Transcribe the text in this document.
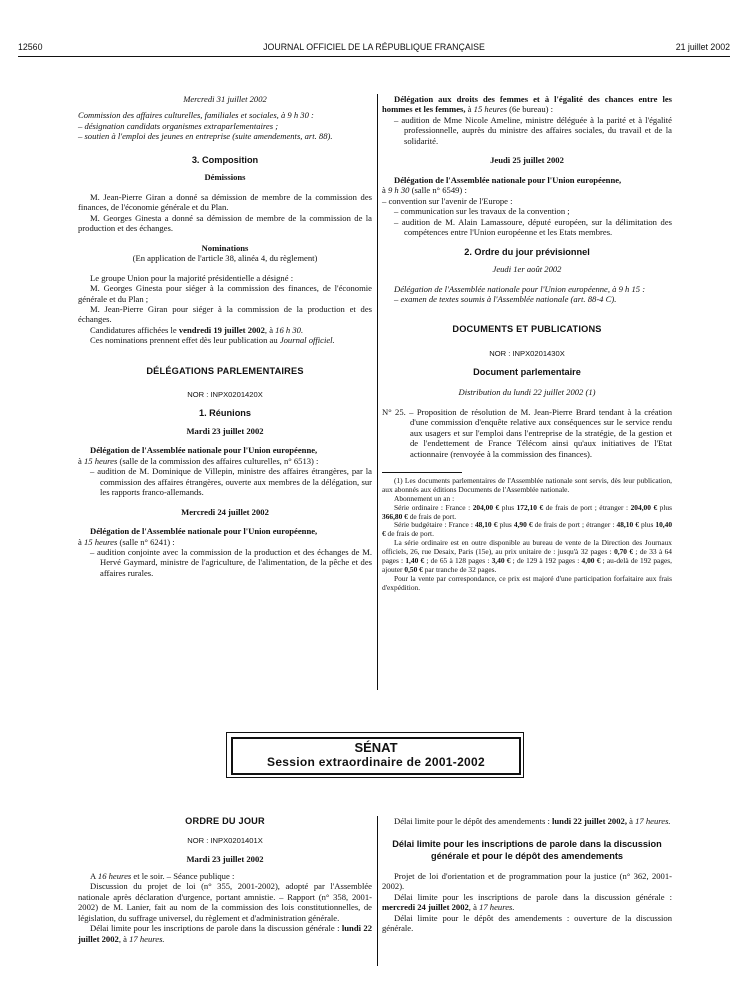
12560	JOURNAL OFFICIEL DE LA RÉPUBLIQUE FRANÇAISE	21 juillet 2002

Mercredi 31 juillet 2002

Commission des affaires culturelles, familiales et sociales, à 9 h 30 :

– désignation candidats organismes extraparlementaires ;

– soutien à l'emploi des jeunes en entreprise (suite amendements, art. 88).

3. Composition

Démissions

M. Jean-Pierre Giran a donné sa démission de membre de la commission des finances, de l'économie générale et du Plan.

M. Georges Ginesta a donné sa démission de membre de la commission de la production et des échanges.

Nominations

(En application de l'article 38, alinéa 4, du règlement)

Le groupe Union pour la majorité présidentielle a désigné :

M. Georges Ginesta pour siéger à la commission des finances, de l'économie générale et du Plan ;

M. Jean-Pierre Giran pour siéger à la commission de la production et des échanges.

Candidatures affichées le vendredi 19 juillet 2002, à 16 h 30.

Ces nominations prennent effet dès leur publication au Journal officiel.

DÉLÉGATIONS PARLEMENTAIRES

NOR : INPX0201420X

1. Réunions

Mardi 23 juillet 2002

Délégation de l'Assemblée nationale pour l'Union européenne,

à 15 heures (salle de la commission des affaires culturelles, n° 6513) :

– audition de M. Dominique de Villepin, ministre des affaires étrangères, par la commission des affaires étrangères, ouverte aux membres de la délégation, sur les rapports franco-allemands.

Mercredi 24 juillet 2002

Délégation de l'Assemblée nationale pour l'Union européenne,

à 15 heures (salle n° 6241) :

– audition conjointe avec la commission de la production et des échanges de M. Hervé Gaymard, ministre de l'agriculture, de l'alimentation, de la pêche et des affaires rurales.

Délégation aux droits des femmes et à l'égalité des chances entre les hommes et les femmes, à 15 heures (6e bureau) :

– audition de Mme Nicole Ameline, ministre déléguée à la parité et à l'égalité professionnelle, auprès du ministre des affaires sociales, du travail et de la solidarité.

Jeudi 25 juillet 2002

Délégation de l'Assemblée nationale pour l'Union européenne,

à 9 h 30 (salle n° 6549) :

– convention sur l'avenir de l'Europe :

– communication sur les travaux de la convention ;

– audition de M. Alain Lamassoure, député européen, sur la délimitation des compétences entre l'Union européenne et les Etats membres.

2. Ordre du jour prévisionnel

Jeudi 1er août 2002

Délégation de l'Assemblée nationale pour l'Union européenne, à 9 h 15 :

– examen de textes soumis à l'Assemblée nationale (art. 88-4 C).

DOCUMENTS ET PUBLICATIONS

NOR : INPX0201430X

Document parlementaire

Distribution du lundi 22 juillet 2002 (1)

N° 25. – Proposition de résolution de M. Jean-Pierre Brard tendant à la création d'une commission d'enquête relative aux conséquences sur le service rendu aux usagers et sur l'emploi dans l'entreprise de la stratégie, de la gestion et de l'endettement de France Télécom ainsi qu'aux initiatives de l'Etat actionnaire (renvoyée à la commission des finances).

(1) Les documents parlementaires de l'Assemblée nationale sont servis, dès leur publication, aux abonnés aux éditions Documents de l'Assemblée nationale.

Abonnement un an :

Série ordinaire : France : 204,00 € plus 172,10 € de frais de port ; étranger : 204,00 € plus 366,80 € de frais de port.

Série budgétaire : France : 48,10 € plus 4,90 € de frais de port ; étranger : 48,10 € plus 10,40 € de frais de port.

La série ordinaire est en outre disponible au bureau de vente de la Direction des Journaux officiels, 26, rue Desaix, Paris (15e), au prix unitaire de : jusqu'à 32 pages : 0,70 € ; de 33 à 64 pages : 1,40 € ; de 65 à 128 pages : 3,40 € ; de 129 à 192 pages : 4,00 € ; au-delà de 192 pages, ajouter 0,50 € par tranche de 32 pages.

Pour la vente par correspondance, ce prix est majoré d'une participation forfaitaire aux frais d'expédition.

SÉNAT
Session extraordinaire de 2001-2002

ORDRE DU JOUR

NOR : INPX0201401X

Mardi 23 juillet 2002

A 16 heures et le soir. – Séance publique :

Discussion du projet de loi (n° 355, 2001-2002), adopté par l'Assemblée nationale après déclaration d'urgence, portant amnistie. – Rapport (n° 358, 2001-2002) de M. Lanier, fait au nom de la commission des lois constitutionnelles, de législation, du suffrage universel, du règlement et d'administration générale.

Délai limite pour les inscriptions de parole dans la discussion générale : lundi 22 juillet 2002, à 17 heures.

Délai limite pour le dépôt des amendements : lundi 22 juillet 2002, à 17 heures.

Délai limite pour les inscriptions de parole dans la discussion générale et pour le dépôt des amendements

Projet de loi d'orientation et de programmation pour la justice (n° 362, 2001-2002).

Délai limite pour les inscriptions de parole dans la discussion générale : mercredi 24 juillet 2002, à 17 heures.

Délai limite pour le dépôt des amendements : ouverture de la discussion générale.
